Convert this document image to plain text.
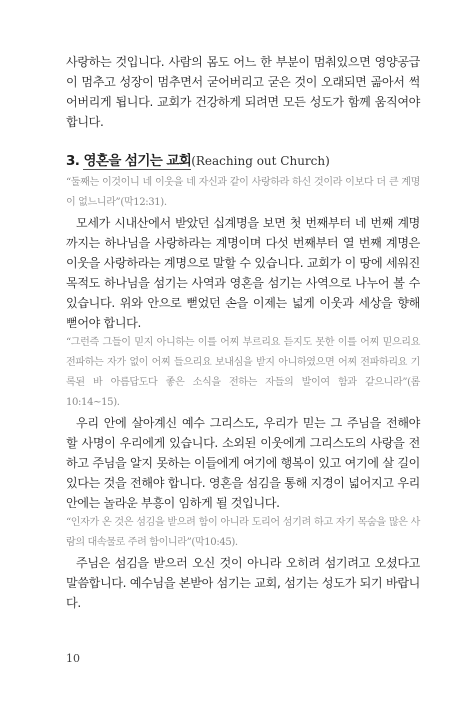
사랑하는 것입니다. 사람의 몸도 어느 한 부분이 멈춰있으면 영양공급이 멈추고 성장이 멈추면서 굳어버리고 굳은 것이 오래되면 곪아서 썩어버리게 됩니다. 교회가 건강하게 되려면 모든 성도가 함께 움직여야 합니다.

3. 영혼을 섬기는 교회(Reaching out Church)

“둘째는 이것이니 네 이웃을 네 자신과 같이 사랑하라 하신 것이라 이보다 더 큰 계명이 없느니라”(막12:31).

모세가 시내산에서 받았던 십계명을 보면 첫 번째부터 네 번째 계명까지는 하나님을 사랑하라는 계명이며 다섯 번째부터 열 번째 계명은 이웃을 사랑하라는 계명으로 말할 수 있습니다. 교회가 이 땅에 세워진 목적도 하나님을 섬기는 사역과 영혼을 섬기는 사역으로 나누어 볼 수 있습니다. 위와 안으로 뻗었던 손을 이제는 넓게 이웃과 세상을 향해 뻗어야 합니다.

“그런즉 그들이 믿지 아니하는 이를 어찌 부르리요 듣지도 못한 이를 어찌 믿으리요 전파하는 자가 없이 어찌 들으리요 보내심을 받지 아니하였으면 어찌 전파하리요 기록된 바 아름답도다 좋은 소식을 전하는 자들의 발이여 함과 같으니라”(롬10:14~15).

우리 안에 살아계신 예수 그리스도, 우리가 믿는 그 주님을 전해야 할 사명이 우리에게 있습니다. 소외된 이웃에게 그리스도의 사랑을 전하고 주님을 알지 못하는 이들에게 여기에 행복이 있고 여기에 살 길이 있다는 것을 전해야 합니다. 영혼을 섬김을 통해 지경이 넓어지고 우리 안에는 놀라운 부흥이 임하게 될 것입니다.

“인자가 온 것은 섬김을 받으려 함이 아니라 도리어 섬기려 하고 자기 목숨을 많은 사람의 대속물로 주려 함이니라”(막10:45).

주님은 섬김을 받으러 오신 것이 아니라 오히려 섬기려고 오셨다고 말씀합니다. 예수님을 본받아 섬기는 교회, 섬기는 성도가 되기 바랍니다.

10
